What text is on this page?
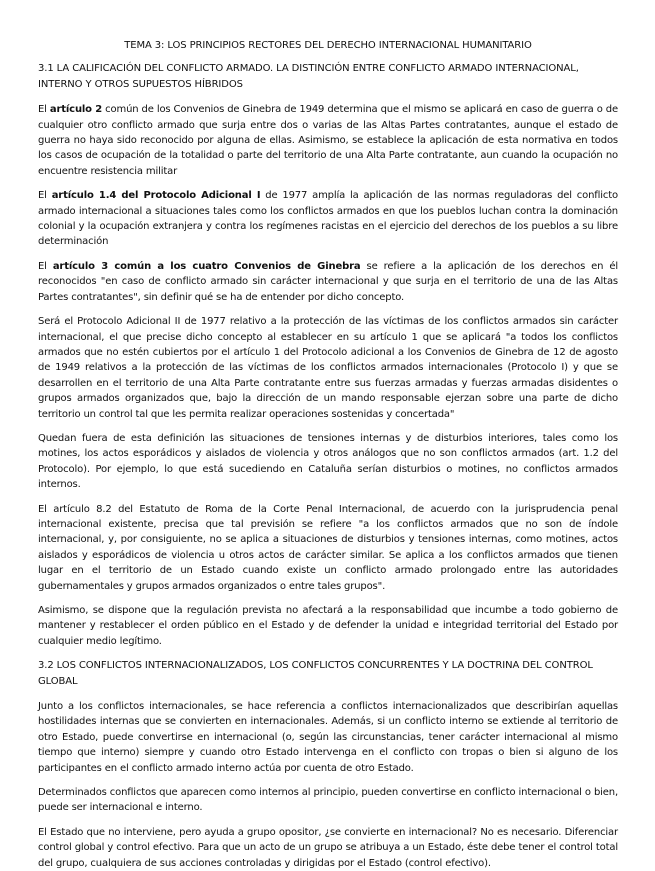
TEMA 3: LOS PRINCIPIOS RECTORES DEL DERECHO INTERNACIONAL HUMANITARIO
3.1 LA CALIFICACIÓN DEL CONFLICTO ARMADO. LA DISTINCIÓN ENTRE CONFLICTO ARMADO INTERNACIONAL, INTERNO Y OTROS SUPUESTOS HÍBRIDOS

El artículo 2 común de los Convenios de Ginebra de 1949 determina que el mismo se aplicará en caso de guerra o de cualquier otro conflicto armado que surja entre dos o varias de las Altas Partes contratantes, aunque el estado de guerra no haya sido reconocido por alguna de ellas. Asimismo, se establece la aplicación de esta normativa en todos los casos de ocupación de la totalidad o parte del territorio de una Alta Parte contratante, aun cuando la ocupación no encuentre resistencia militar

El artículo 1.4 del Protocolo Adicional I de 1977 amplía la aplicación de las normas reguladoras del conflicto armado internacional a situaciones tales como los conflictos armados en que los pueblos luchan contra la dominación colonial y la ocupación extranjera y contra los regímenes racistas en el ejercicio del derechos de los pueblos a su libre determinación

El artículo 3 común a los cuatro Convenios de Ginebra se refiere a la aplicación de los derechos en él reconocidos "en caso de conflicto armado sin carácter internacional y que surja en el territorio de una de las Altas Partes contratantes", sin definir qué se ha de entender por dicho concepto.

Será el Protocolo Adicional II de 1977 relativo a la protección de las víctimas de los conflictos armados sin carácter internacional, el que precise dicho concepto al establecer en su artículo 1 que se aplicará "a todos los conflictos armados que no estén cubiertos por el artículo 1 del Protocolo adicional a los Convenios de Ginebra de 12 de agosto de 1949 relativos a la protección de las víctimas de los conflictos armados internacionales (Protocolo I) y que se desarrollen en el territorio de una Alta Parte contratante entre sus fuerzas armadas y fuerzas armadas disidentes o grupos armados organizados que, bajo la dirección de un mando responsable ejerzan sobre una parte de dicho territorio un control tal que les permita realizar operaciones sostenidas y concertada"

Quedan fuera de esta definición las situaciones de tensiones internas y de disturbios interiores, tales como los motines, los actos esporádicos y aislados de violencia y otros análogos que no son conflictos armados (art. 1.2 del Protocolo). Por ejemplo, lo que está sucediendo en Cataluña serían disturbios o motines, no conflictos armados internos.

El artículo 8.2 del Estatuto de Roma de la Corte Penal Internacional, de acuerdo con la jurisprudencia penal internacional existente, precisa que tal previsión se refiere "a los conflictos armados que no son de índole internacional, y, por consiguiente, no se aplica a situaciones de disturbios y tensiones internas, como motines, actos aislados y esporádicos de violencia u otros actos de carácter similar. Se aplica a los conflictos armados que tienen lugar en el territorio de un Estado cuando existe un conflicto armado prolongado entre las autoridades gubernamentales y grupos armados organizados o entre tales grupos".

Asimismo, se dispone que la regulación prevista no afectará a la responsabilidad que incumbe a todo gobierno de mantener y restablecer el orden público en el Estado y de defender la unidad e integridad territorial del Estado por cualquier medio legítimo.

3.2 LOS CONFLICTOS INTERNACIONALIZADOS, LOS CONFLICTOS CONCURRENTES Y LA DOCTRINA DEL CONTROL GLOBAL

Junto a los conflictos internacionales, se hace referencia a conflictos internacionalizados que describirían aquellas hostilidades internas que se convierten en internacionales. Además, si un conflicto interno se extiende al territorio de otro Estado, puede convertirse en internacional (o, según las circunstancias, tener carácter internacional al mismo tiempo que interno) siempre y cuando otro Estado intervenga en el conflicto con tropas o bien si alguno de los participantes en el conflicto armado interno actúa por cuenta de otro Estado.

Determinados conflictos que aparecen como internos al principio, pueden convertirse en conflicto internacional o bien, puede ser internacional e interno.

El Estado que no interviene, pero ayuda a grupo opositor, ¿se convierte en internacional? No es necesario. Diferenciar control global y control efectivo. Para que un acto de un grupo se atribuya a un Estado, éste debe tener el control total del grupo, cualquiera de sus acciones controladas y dirigidas por el Estado (control efectivo).
